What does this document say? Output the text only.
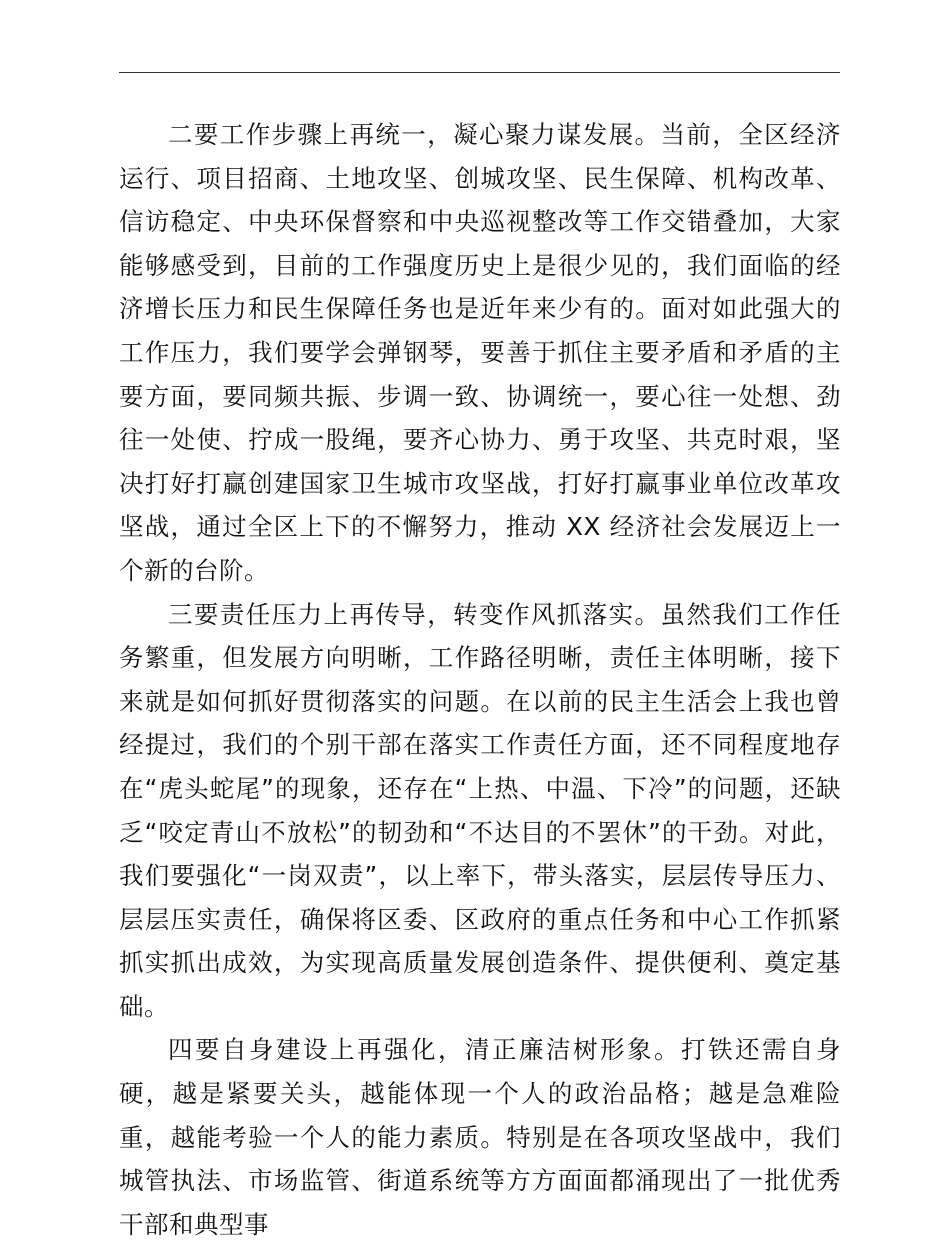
二要工作步骤上再统一，凝心聚力谋发展。当前，全区经济运行、项目招商、土地攻坚、创城攻坚、民生保障、机构改革、信访稳定、中央环保督察和中央巡视整改等工作交错叠加，大家能够感受到，目前的工作强度历史上是很少见的，我们面临的经济增长压力和民生保障任务也是近年来少有的。面对如此强大的工作压力，我们要学会弹钢琴，要善于抓住主要矛盾和矛盾的主要方面，要同频共振、步调一致、协调统一，要心往一处想、劲往一处使、拧成一股绳，要齐心协力、勇于攻坚、共克时艰，坚决打好打赢创建国家卫生城市攻坚战，打好打赢事业单位改革攻坚战，通过全区上下的不懈努力，推动 XX 经济社会发展迈上一个新的台阶。

三要责任压力上再传导，转变作风抓落实。虽然我们工作任务繁重，但发展方向明晰，工作路径明晰，责任主体明晰，接下来就是如何抓好贯彻落实的问题。在以前的民主生活会上我也曾经提过，我们的个别干部在落实工作责任方面，还不同程度地存在“虎头蛇尾”的现象，还存在“上热、中温、下冷”的问题，还缺乏“咬定青山不放松”的韧劲和“不达目的不罢休”的干劲。对此，我们要强化“一岗双责”，以上率下，带头落实，层层传导压力、层层压实责任，确保将区委、区政府的重点任务和中心工作抓紧抓实抓出成效，为实现高质量发展创造条件、提供便利、奠定基础。

四要自身建设上再强化，清正廉洁树形象。打铁还需自身硬，越是紧要关头，越能体现一个人的政治品格；越是急难险重，越能考验一个人的能力素质。特别是在各项攻坚战中，我们城管执法、市场监管、街道系统等方方面面都涌现出了一批优秀干部和典型事
